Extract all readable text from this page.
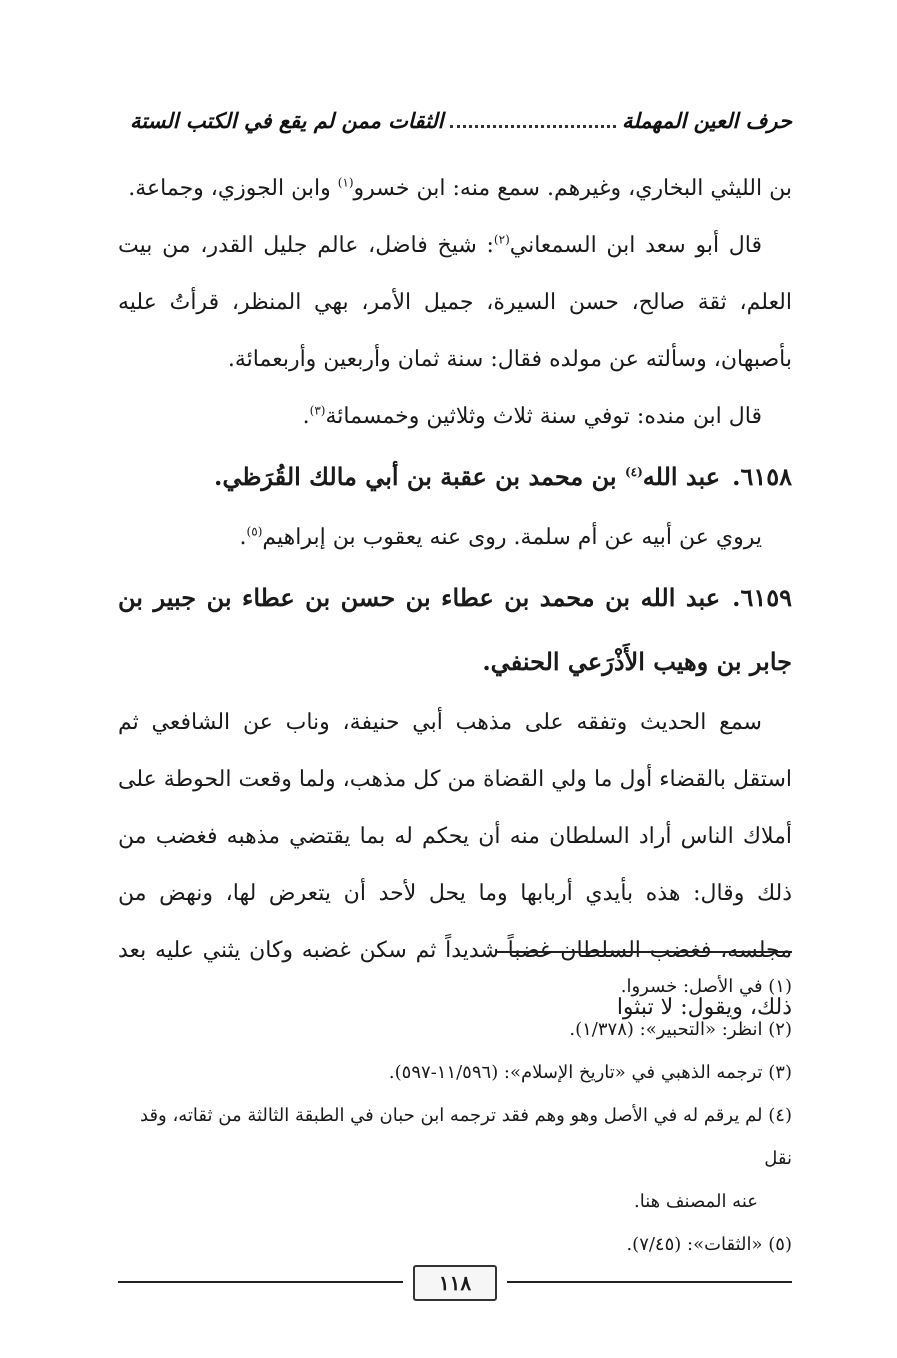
حرف العين المهملة
الثقات ممن لم يقع في الكتب الستة

بن الليثي البخاري، وغيرهم. سمع منه: ابن خسرو$^{(١)}$ وابن الجوزي، وجماعة.

قال أبو سعد ابن السمعاني$^{(٢)}$: شيخ فاضل، عالم جليل القدر، من بيت العلم، ثقة صالح، حسن السيرة، جميل الأمر، بهي المنظر، قرأتُ عليه بأصبهان، وسألته عن مولده فقال: سنة ثمان وأربعين وأربعمائة.

قال ابن منده: توفي سنة ثلاث وثلاثين وخمسمائة$^{(٣)}$.

٦١٥٨.عبد الله$^{(٤)}$ بن محمد بن عقبة بن أبي مالك القُرَظي.

يروي عن أبيه عن أم سلمة. روى عنه يعقوب بن إبراهيم$^{(٥)}$.

٦١٥٩.عبد الله بن محمد بن عطاء بن حسن بن عطاء بن جبير بن جابر بن وهيب الأَذْرَعي الحنفي.

سمع الحديث وتفقه على مذهب أبي حنيفة، وناب عن الشافعي ثم استقل بالقضاء أول ما ولي القضاة من كل مذهب، ولما وقعت الحوطة على أملاك الناس أراد السلطان منه أن يحكم له بما يقتضي مذهبه فغضب من ذلك وقال: هذه بأيدي أربابها وما يحل لأحد أن يتعرض لها، ونهض من مجلسه، فغضب السلطان غضباً شديداً ثم سكن غضبه وكان يثني عليه بعد ذلك، ويقول: لا تبثوا

(١) في الأصل: خسروا.

(٢) انظر: «التحبير»: (١/٣٧٨).

(٣) ترجمه الذهبي في «تاريخ الإسلام»: (١١/٥٩٦-٥٩٧).

(٤) لم يرقم له في الأصل وهو وهم فقد ترجمه ابن حبان في الطبقة الثالثة من ثقاته، وقد نقل

عنه المصنف هنا.

(٥) «الثقات»: (٧/٤٥).

١١٨
